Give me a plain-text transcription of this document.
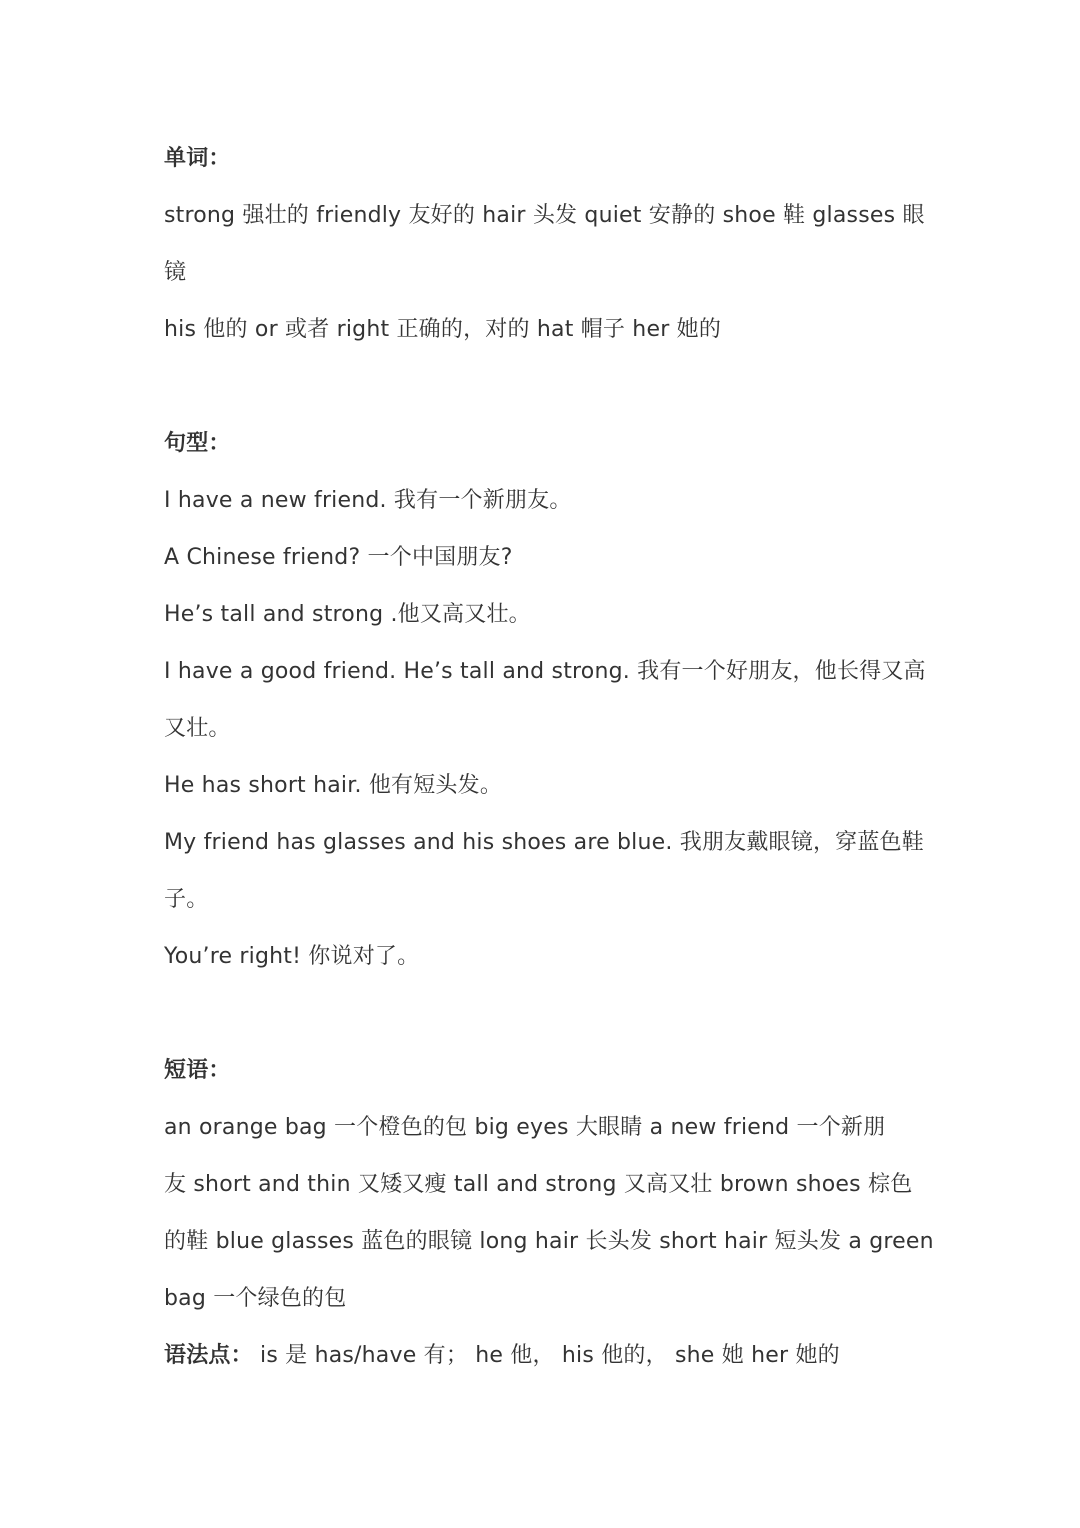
单词：
strong 强壮的 friendly 友好的 hair 头发 quiet 安静的 shoe 鞋 glasses 眼
镜
his 他的 or 或者 right 正确的，对的 hat 帽子 her 她的
句型：
I have a new friend. 我有一个新朋友。
A Chinese friend? 一个中国朋友?
He’s tall and strong .他又高又壮。
I have a good friend. He’s tall and strong. 我有一个好朋友，他长得又高
又壮。
He has short hair. 他有短头发。
My friend has glasses and his shoes are blue. 我朋友戴眼镜，穿蓝色鞋
子。
You’re right! 你说对了。
短语：
an orange bag 一个橙色的包 big eyes 大眼睛 a new friend 一个新朋
友 short and thin 又矮又瘦 tall and strong 又高又壮 brown shoes 棕色
的鞋 blue glasses 蓝色的眼镜 long hair 长头发 short hair 短头发 a green
bag 一个绿色的包
语法点： is 是 has/have 有； he 他， his 他的， she 她 her 她的
